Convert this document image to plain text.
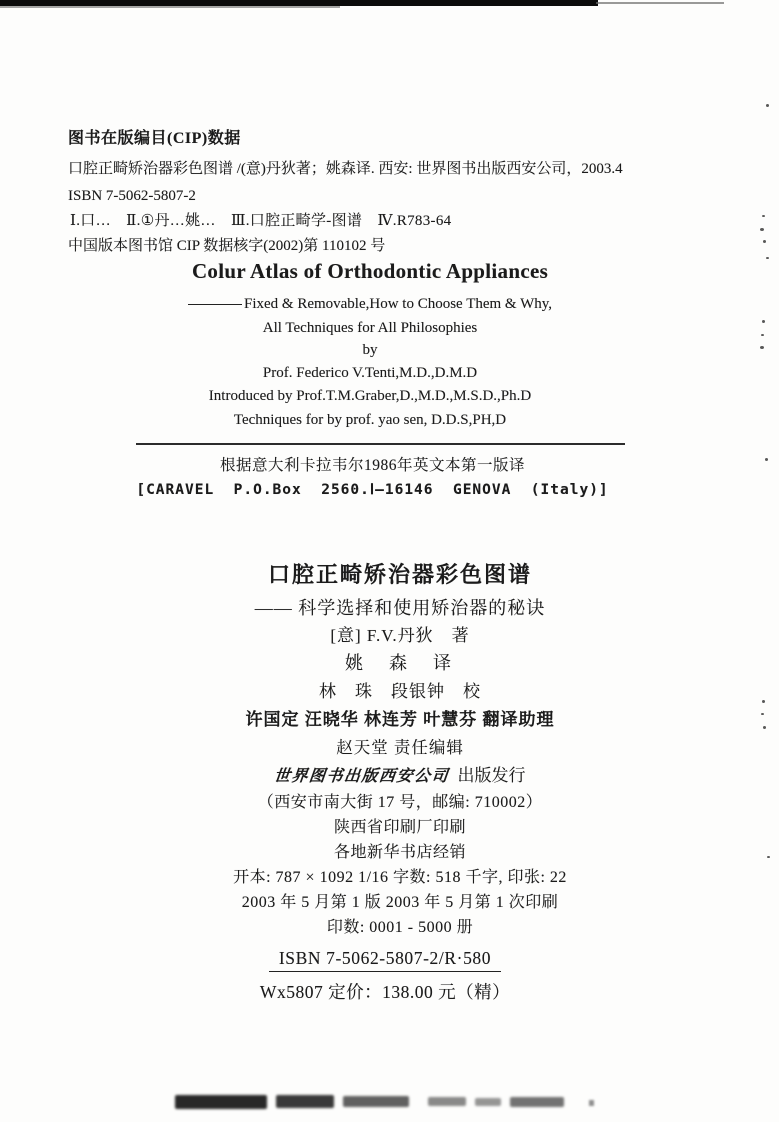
图书在版编目(CIP)数据
口腔正畸矫治器彩色图谱 /(意)丹狄著；姚森译. 西安: 世界图书出版西安公司，2003.4
ISBN 7-5062-5807-2
Ⅰ.口…　Ⅱ.①丹…姚…　Ⅲ.口腔正畸学-图谱　Ⅳ.R783-64
中国版本图书馆 CIP 数据核字(2002)第 110102 号
Colur Atlas of Orthodontic Appliances
Fixed & Removable,How to Choose Them & Why,
All Techniques for All Philosophies
by
Prof. Federico V.Tenti,M.D.,D.M.D
Introduced by Prof.T.M.Graber,D.,M.D.,M.S.D.,Ph.D
Techniques for by prof. yao sen, D.D.S,PH,D
根据意大利卡拉韦尔1986年英文本第一版译
[CARAVEL  P.O.Box  2560.Ⅰ—16146  GENOVA  (Italy)]
口腔正畸矫治器彩色图谱
—— 科学选择和使用矫治器的秘诀
[意] F.V.丹狄　著
姚　森　译
林　珠　段银钟　校
许国定 汪晓华 林连芳 叶慧芬 翻译助理
赵天堂 责任编辑
世界图书出版西安公司 出版发行
（西安市南大街 17 号，邮编: 710002）
陕西省印刷厂印刷
各地新华书店经销
开本: 787 × 1092 1/16 字数: 518 千字, 印张: 22
2003 年 5 月第 1 版 2003 年 5 月第 1 次印刷
印数: 0001 - 5000 册
ISBN 7-5062-5807-2/R·580
Wx5807 定价：138.00 元（精）
